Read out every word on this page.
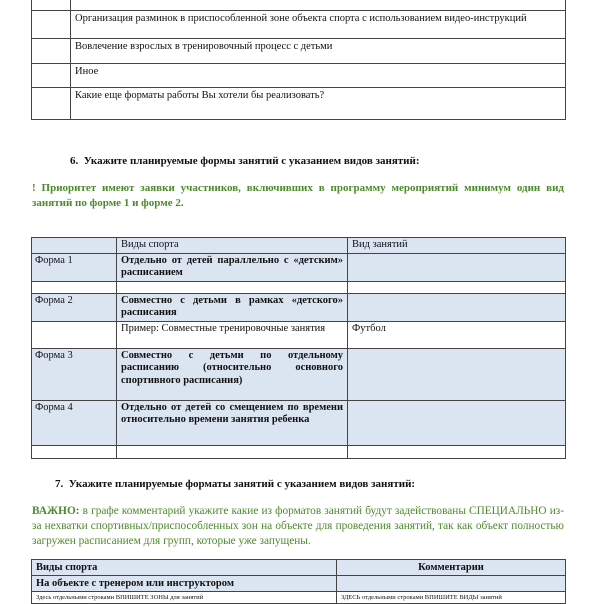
	Организация разминок в приспособленной зоне объекта спорта с использованием видео-инструкций
	Вовлечение взрослых в тренировочный процесс с детьми
	Иное
	Какие еще форматы работы Вы хотели бы реализовать?
6.  Укажите планируемые формы занятий с указанием видов занятий:
! Приоритет имеют заявки участников, включивших в программу мероприятий минимум один вид занятий по форме 1 и форме 2.
	Виды спорта	Вид занятий
Форма 1	Отдельно от детей параллельно с «детским» расписанием	

Форма 2	Совместно с детьми в рамках «детского» расписания	
	Пример: Совместные тренировочные занятия	Футбол
Форма 3	Совместно с детьми по отдельному расписанию (относительно основного спортивного расписания)	
Форма 4	Отдельно от детей со смещением по времени относительно времени занятия ребенка	

7.  Укажите планируемые форматы занятий с указанием видов занятий:
ВАЖНО: в графе комментарий укажите какие из форматов занятий будут задействованы СПЕЦИАЛЬНО из-за нехватки спортивных/приспособленных зон на объекте для проведения занятий, так как объект полностью загружен расписанием для групп, которые уже запущены.
Виды спорта	Комментарии
На объекте с тренером или инструктором	
Здесь отдельными строками ВПИШИТЕ ЗОНЫ для занятий	ЗДЕСЬ отдельными строками ВПИШИТЕ ВИДЫ занятий
